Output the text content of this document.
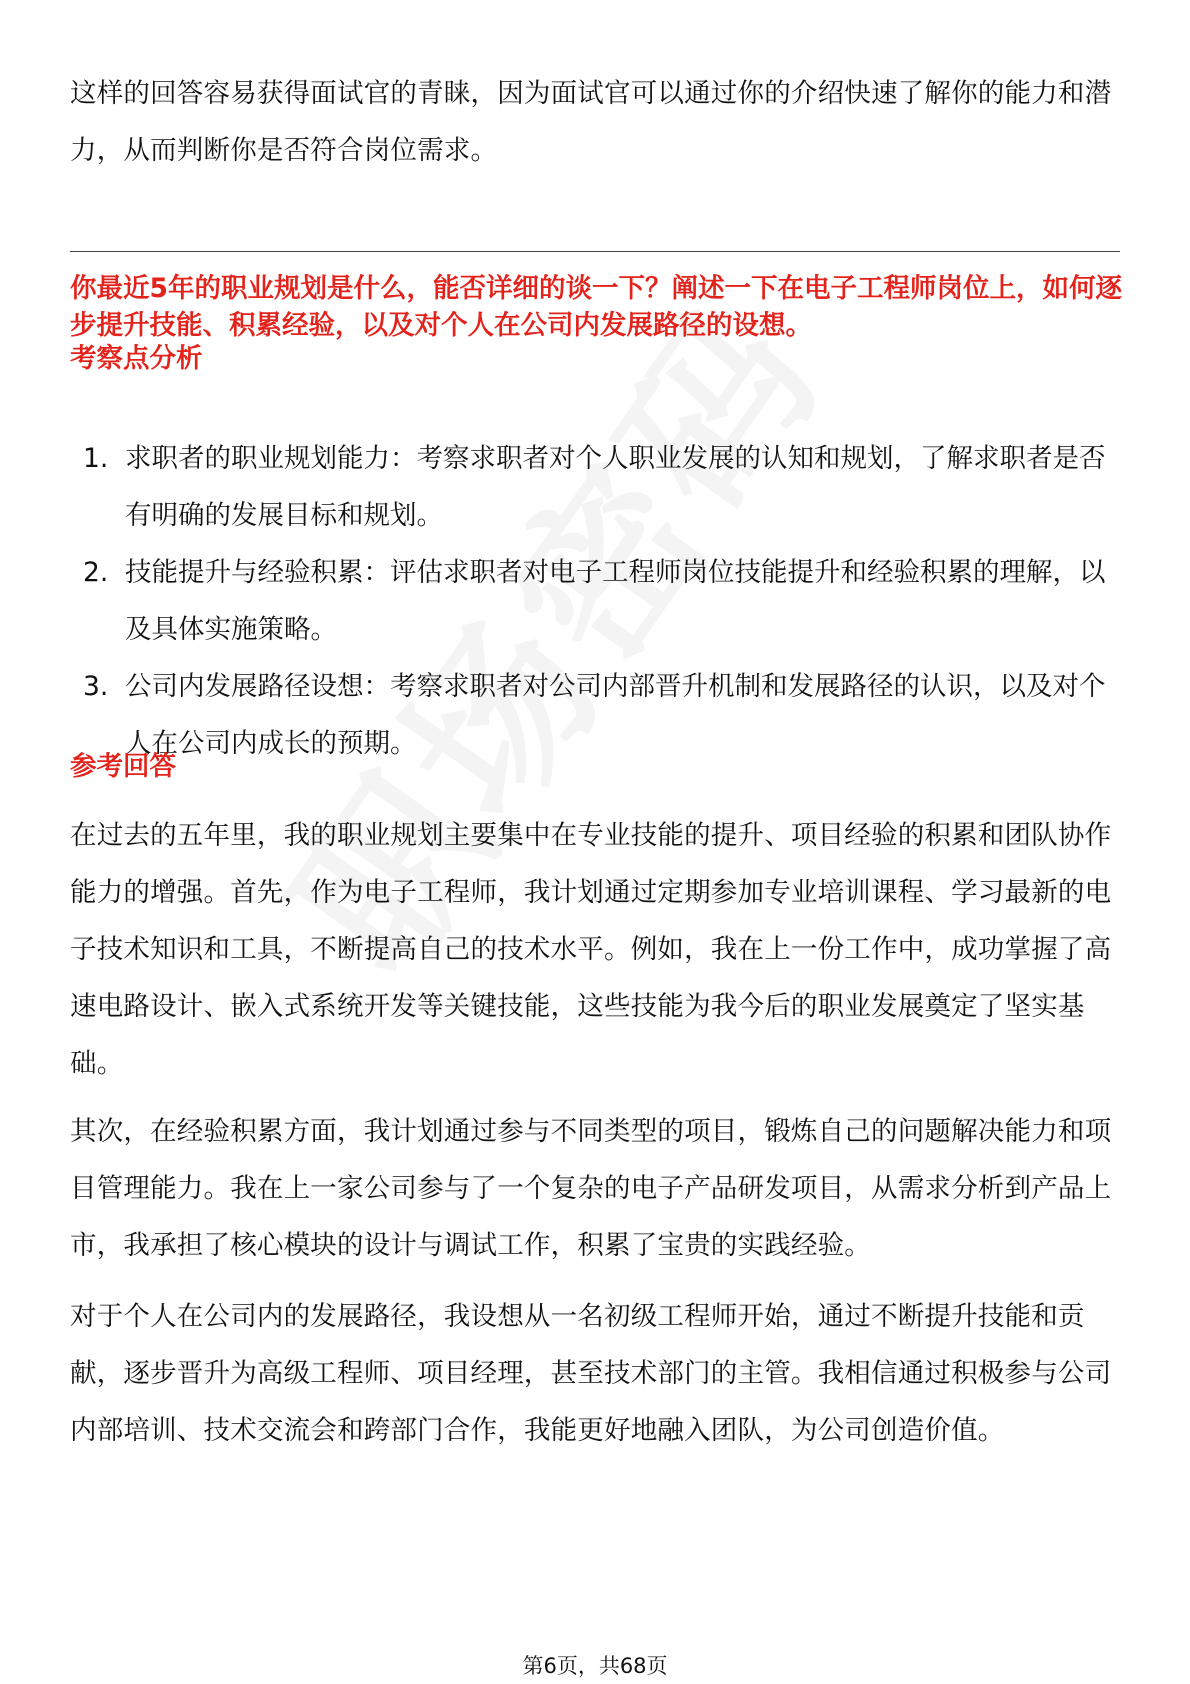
这样的回答容易获得面试官的青睐，因为面试官可以通过你的介绍快速了解你的能力和潜力，从而判断你是否符合岗位需求。

你最近5年的职业规划是什么，能否详细的谈一下？阐述一下在电子工程师岗位上，如何逐步提升技能、积累经验，以及对个人在公司内发展路径的设想。

考察点分析
1. 求职者的职业规划能力：考察求职者对个人职业发展的认知和规划，了解求职者是否有明确的发展目标和规划。
2. 技能提升与经验积累：评估求职者对电子工程师岗位技能提升和经验积累的理解，以及具体实施策略。
3. 公司内发展路径设想：考察求职者对公司内部晋升机制和发展路径的认识，以及对个人在公司内成长的预期。
参考回答

在过去的五年里，我的职业规划主要集中在专业技能的提升、项目经验的积累和团队协作能力的增强。首先，作为电子工程师，我计划通过定期参加专业培训课程、学习最新的电子技术知识和工具，不断提高自己的技术水平。例如，我在上一份工作中，成功掌握了高速电路设计、嵌入式系统开发等关键技能，这些技能为我今后的职业发展奠定了坚实基础。

其次，在经验积累方面，我计划通过参与不同类型的项目，锻炼自己的问题解决能力和项目管理能力。我在上一家公司参与了一个复杂的电子产品研发项目，从需求分析到产品上市，我承担了核心模块的设计与调试工作，积累了宝贵的实践经验。

对于个人在公司内的发展路径，我设想从一名初级工程师开始，通过不断提升技能和贡献，逐步晋升为高级工程师、项目经理，甚至技术部门的主管。我相信通过积极参与公司内部培训、技术交流会和跨部门合作，我能更好地融入团队，为公司创造价值。

第6页，共68页
